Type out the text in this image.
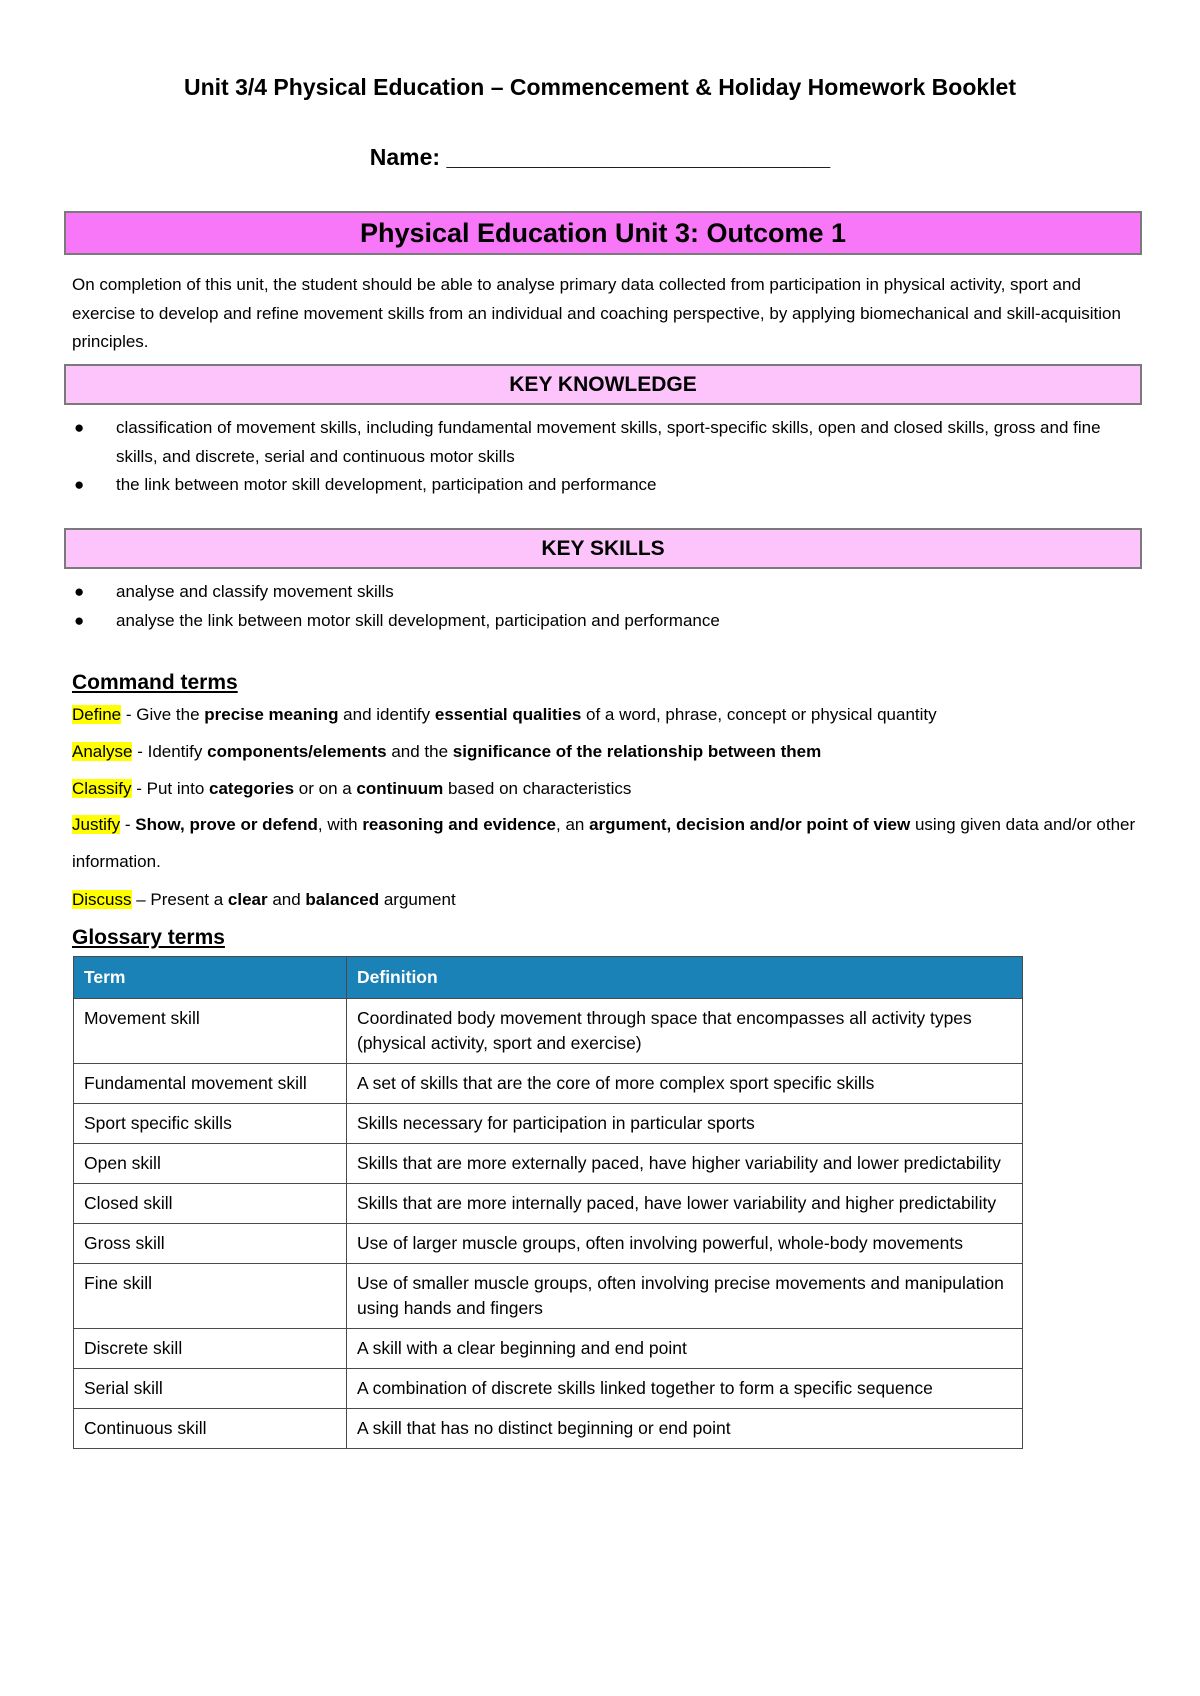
Unit 3/4 Physical Education – Commencement & Holiday Homework Booklet
Name: ______________________________
Physical Education Unit 3: Outcome 1
On completion of this unit, the student should be able to analyse primary data collected from participation in physical activity, sport and exercise to develop and refine movement skills from an individual and coaching perspective, by applying biomechanical and skill-acquisition principles.
KEY KNOWLEDGE
● classification of movement skills, including fundamental movement skills, sport-specific skills, open and closed skills, gross and fine skills, and discrete, serial and continuous motor skills
● the link between motor skill development, participation and performance
KEY SKILLS
● analyse and classify movement skills
● analyse the link between motor skill development, participation and performance
Command terms
Define - Give the precise meaning and identify essential qualities of a word, phrase, concept or physical quantity
Analyse - Identify components/elements and the significance of the relationship between them
Classify - Put into categories or on a continuum based on characteristics
Justify - Show, prove or defend, with reasoning and evidence, an argument, decision and/or point of view using given data and/or other information.
Discuss – Present a clear and balanced argument
Glossary terms
Term	Definition
Movement skill	Coordinated body movement through space that encompasses all activity types (physical activity, sport and exercise)
Fundamental movement skill	A set of skills that are the core of more complex sport specific skills
Sport specific skills	Skills necessary for participation in particular sports
Open skill	Skills that are more externally paced, have higher variability and lower predictability
Closed skill	Skills that are more internally paced, have lower variability and higher predictability
Gross skill	Use of larger muscle groups, often involving powerful, whole-body movements
Fine skill	Use of smaller muscle groups, often involving precise movements and manipulation using hands and fingers
Discrete skill	A skill with a clear beginning and end point
Serial skill	A combination of discrete skills linked together to form a specific sequence
Continuous skill	A skill that has no distinct beginning or end point
